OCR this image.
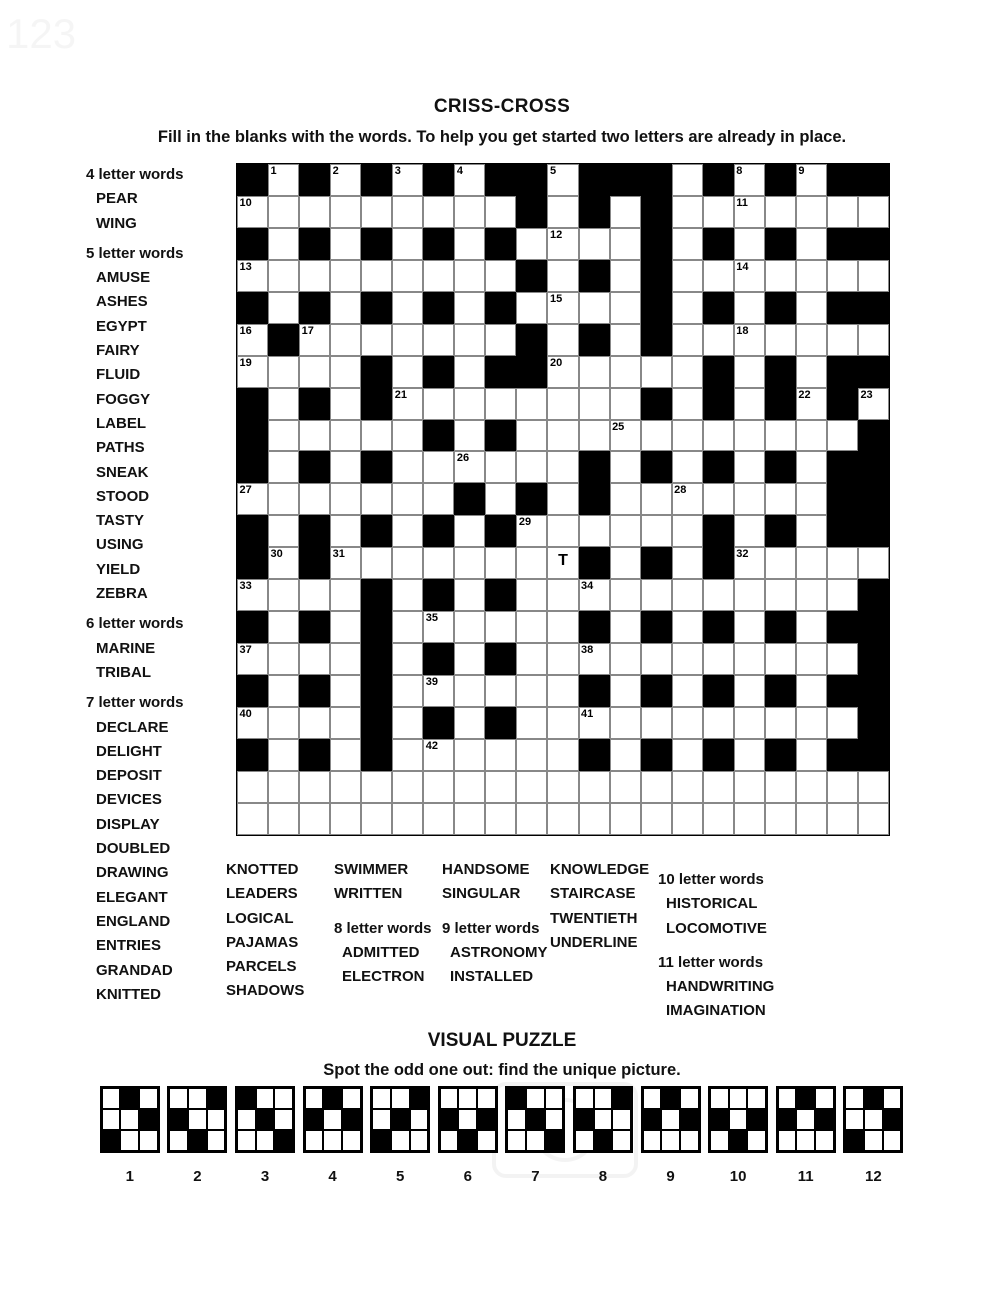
123
CRISS-CROSS
Fill in the blanks with the words. To help you get started two letters are already in place.
4 letter words
PEAR
WING
5 letter words
AMUSE
ASHES
EGYPT
FAIRY
FLUID
FOGGY
LABEL
PATHS
SNEAK
STOOD
TASTY
USING
YIELD
ZEBRA
6 letter words
MARINE
TRIBAL
7 letter words
DECLARE
DELIGHT
DEPOSIT
DEVICES
DISPLAY
DOUBLED
DRAWING
ELEGANT
ENGLAND
ENTRIES
GRANDAD
KNITTED
1	2	3	4	5	8	9
10	11
12
13	14
15
16	17	18
19	20
21	22	23
25
26
27	28
29
30	31	T	32
33	34
35
37	38
39
40	41
42
KNOTTED
LEADERS
LOGICAL
PAJAMAS
PARCELS
SHADOWS
SWIMMER
WRITTEN
8 letter words
ADMITTED
ELECTRON
HANDSOME
SINGULAR
9 letter words
ASTRONOMY
INSTALLED
KNOWLEDGE
STAIRCASE
TWENTIETH
UNDERLINE
10 letter words
HISTORICAL
LOCOMOTIVE
11 letter words
HANDWRITING
IMAGINATION
VISUAL PUZZLE
Spot the odd one out: find the unique picture.
1	2	3	4	5	6	7	8	9	10	11	12
